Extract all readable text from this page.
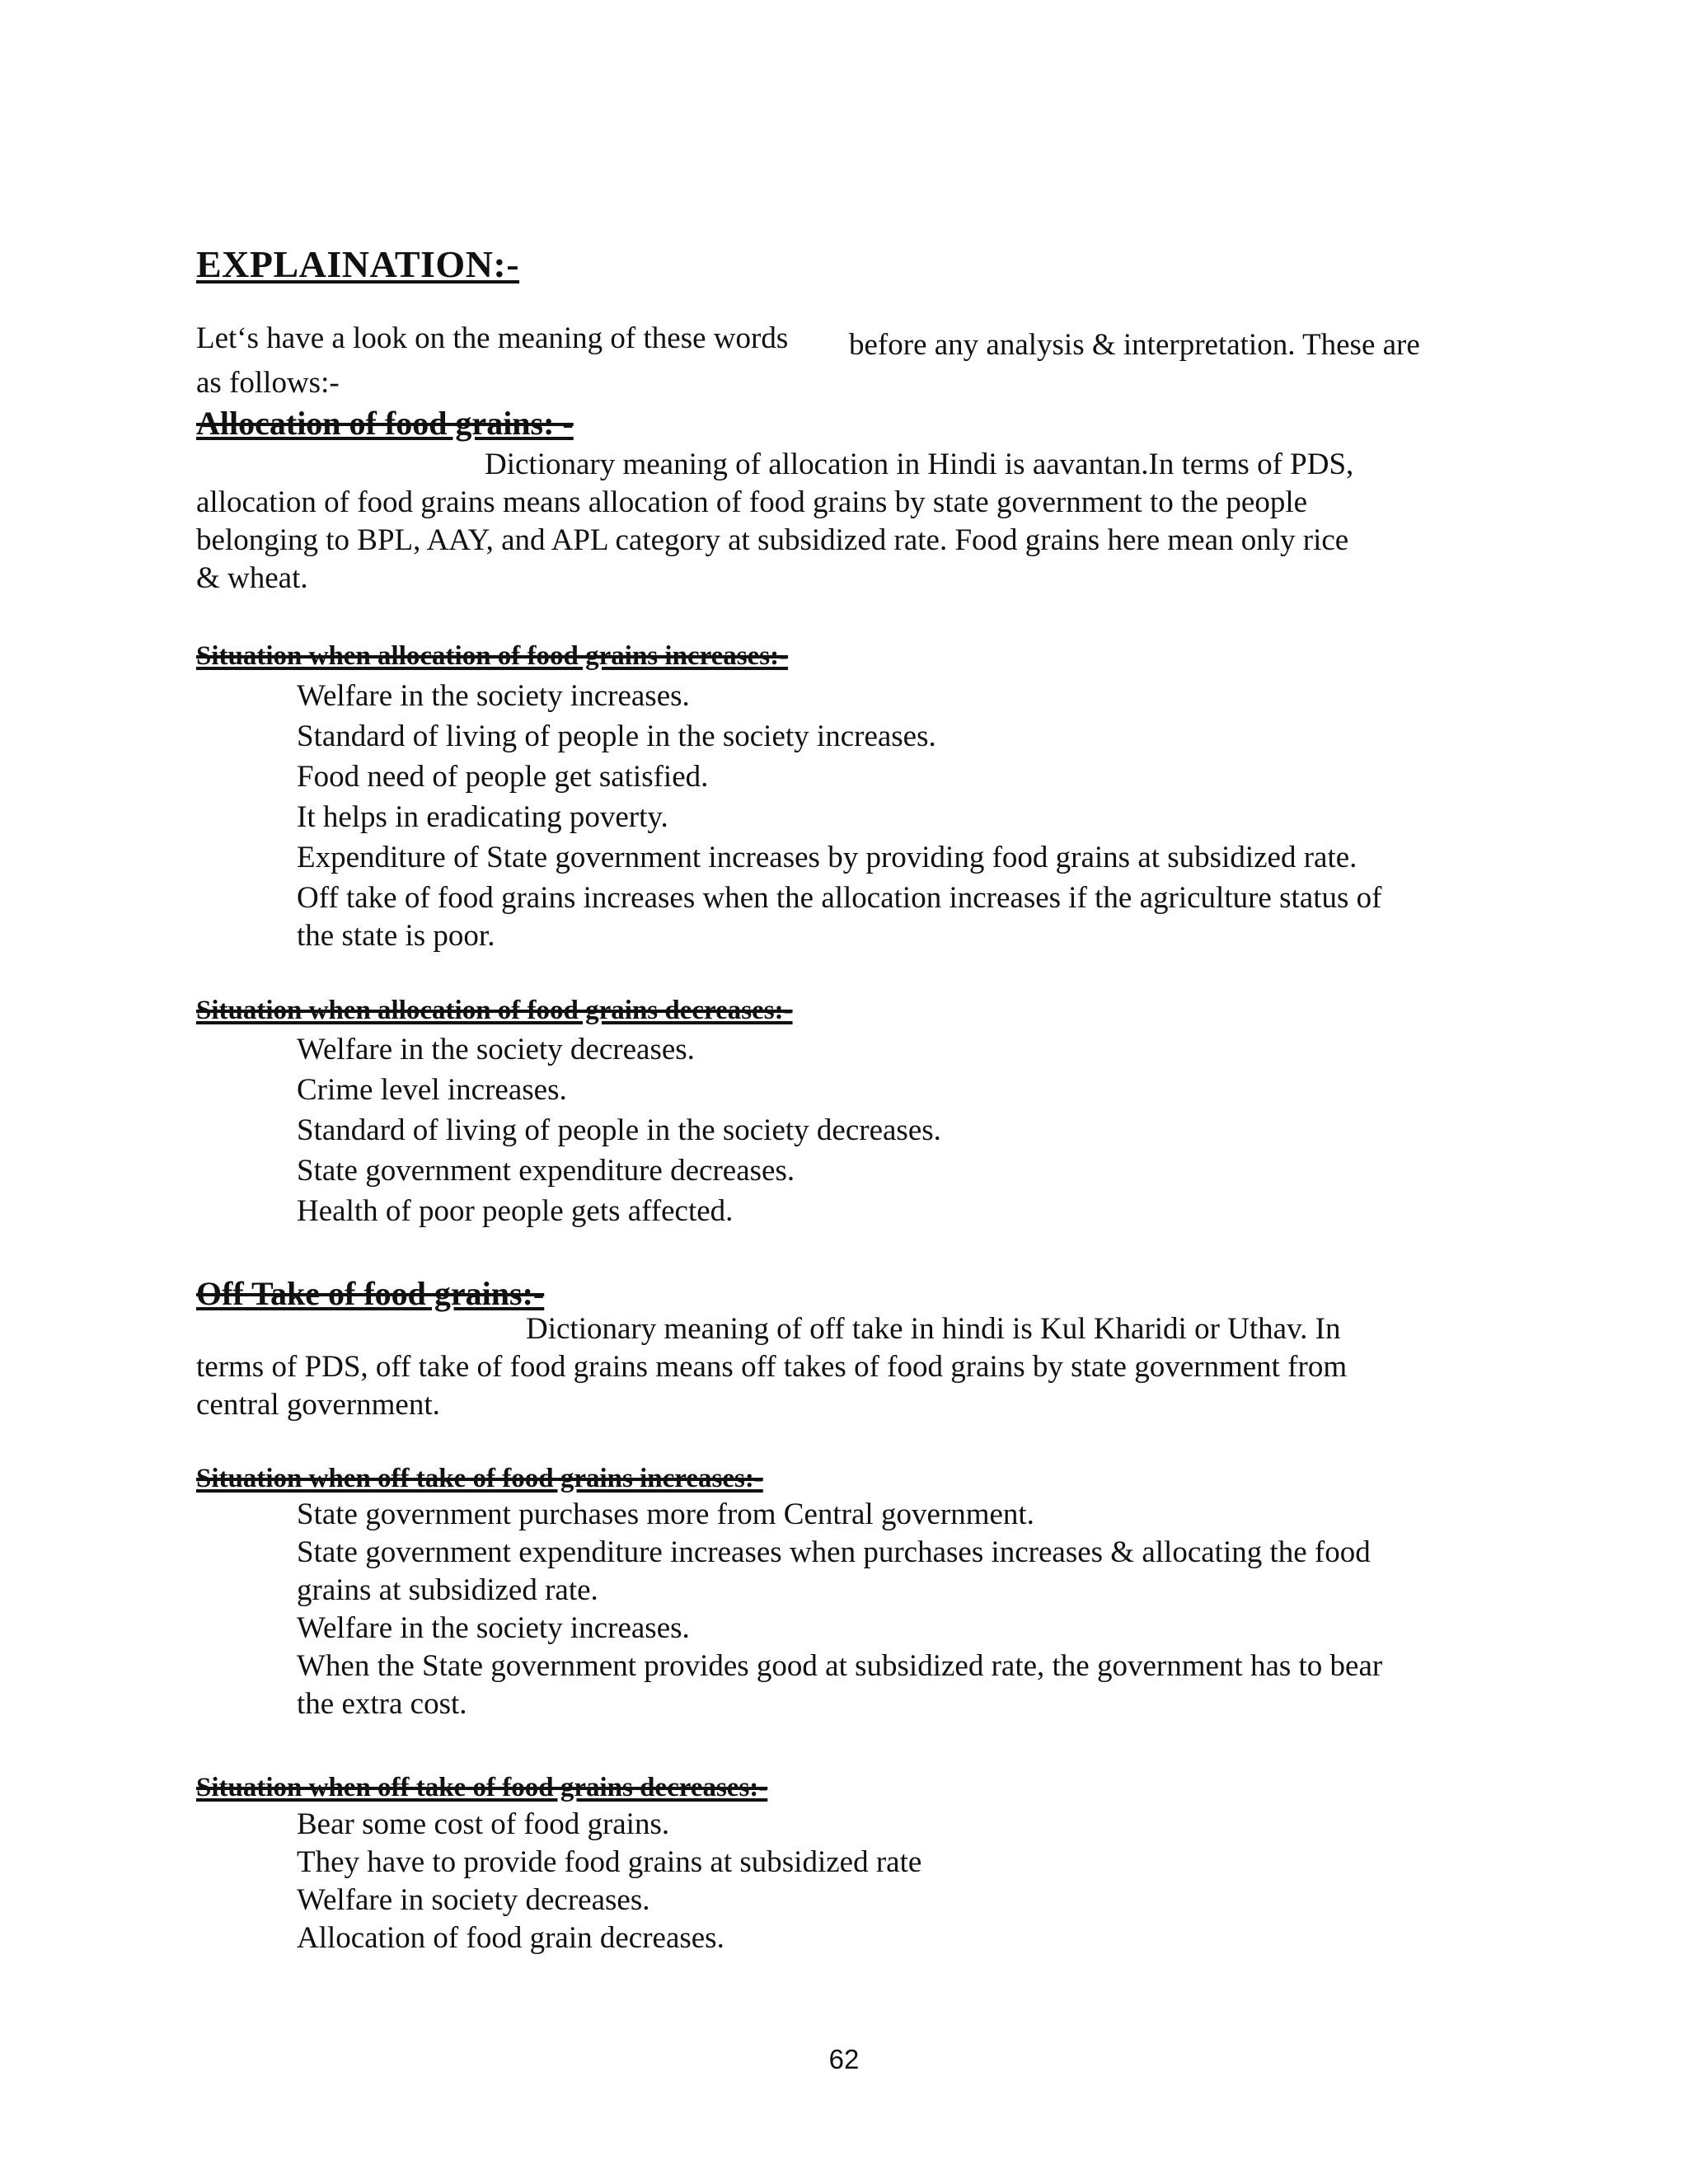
EXPLAINATION:-
Let‘s have a look on the meaning of these words before any analysis & interpretation. These are
as follows:-
Allocation of food grains: -
Dictionary meaning of allocation in Hindi is aavantan.In terms of PDS,
allocation of food grains means allocation of food grains by state government to the people
belonging to BPL, AAY, and APL category at subsidized rate. Food grains here mean only rice
& wheat.
Situation when allocation of food grains increases:-
Welfare in the society increases.
Standard of living of people in the society increases.
Food need of people get satisfied.
It helps in eradicating poverty.
Expenditure of State government increases by providing food grains at subsidized rate.
Off take of food grains increases when the allocation increases if the agriculture status of
the state is poor.
Situation when allocation of food grains decreases:-
Welfare in the society decreases.
Crime level increases.
Standard of living of people in the society decreases.
State government expenditure decreases.
Health of poor people gets affected.
Off Take of food grains:-
Dictionary meaning of off take in hindi is Kul Kharidi or Uthav. In
terms of PDS, off take of food grains means off takes of food grains by state government from
central government.
Situation when off take of food grains increases:-
State government purchases more from Central government.
State government expenditure increases when purchases increases & allocating the food
grains at subsidized rate.
Welfare in the society increases.
When the State government provides good at subsidized rate, the government has to bear
the extra cost.
Situation when off take of food grains decreases:-
Bear some cost of food grains.
They have to provide food grains at subsidized rate
Welfare in society decreases.
Allocation of food grain decreases.
62
